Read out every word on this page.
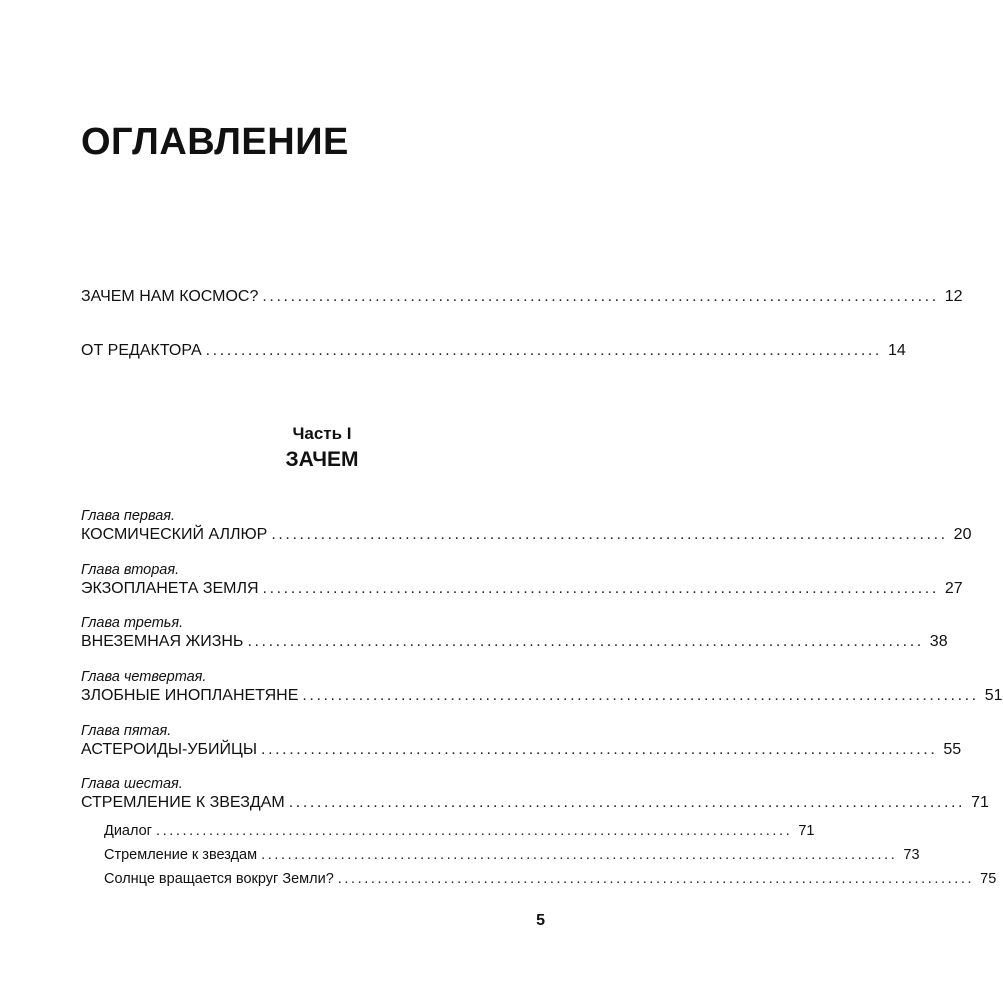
ОГЛАВЛЕНИЕ
ЗАЧЕМ НАМ КОСМОС? ................................................................................................ 12
ОТ РЕДАКТОРА ................................................................................................ 14
Часть I
ЗАЧЕМ
Глава первая.
КОСМИЧЕСКИЙ АЛЛЮР ................................................................................................ 20
Глава вторая.
ЭКЗОПЛАНЕТА ЗЕМЛЯ ................................................................................................ 27
Глава третья.
ВНЕЗЕМНАЯ ЖИЗНЬ ................................................................................................ 38
Глава четвертая.
ЗЛОБНЫЕ ИНОПЛАНЕТЯНЕ ................................................................................................ 51
Глава пятая.
АСТЕРОИДЫ-УБИЙЦЫ ................................................................................................ 55
Глава шестая.
СТРЕМЛЕНИЕ К ЗВЕЗДАМ ................................................................................................ 71
Диалог ................................................................................................ 71
Стремление к звездам ................................................................................................ 73
Солнце вращается вокруг Земли? ................................................................................................ 75
5
